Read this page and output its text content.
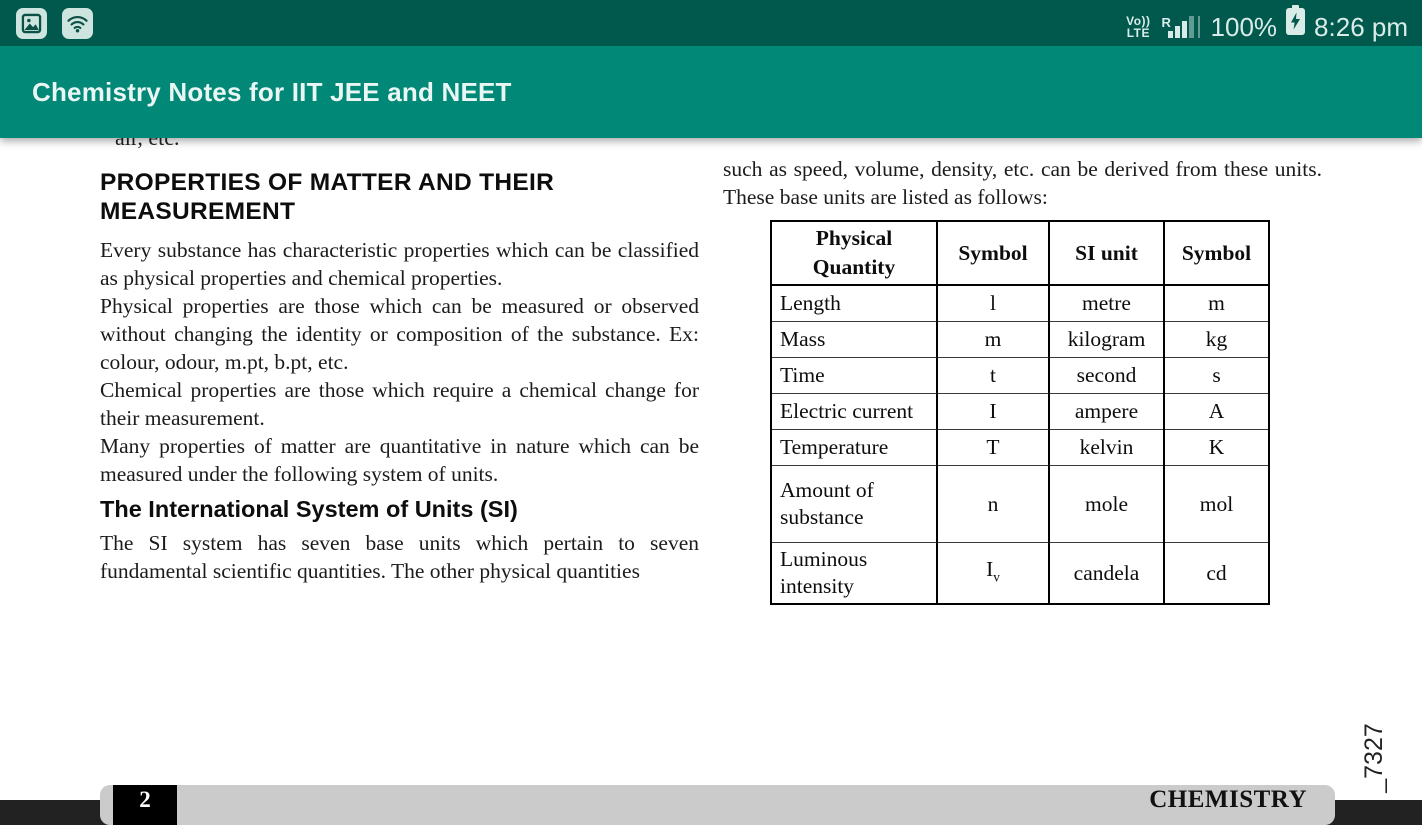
Vo))
LTE
R 100% 8:26 pm
Chemistry Notes for IIT JEE and NEET
PROPERTIES OF MATTER AND THEIR MEASUREMENT

Every substance has characteristic properties which can be classified as physical properties and chemical properties.

Physical properties are those which can be measured or observed without changing the identity or composition of the substance. Ex: colour, odour, m.pt, b.pt, etc.

Chemical properties are those which require a chemical change for their measurement.

Many properties of matter are quantitative in nature which can be measured under the following system of units.

The International System of Units (SI)

The SI system has seven base units which pertain to seven fundamental scientific quantities. The other physical quantities

such as speed, volume, density, etc. can be derived from these units. These base units are listed as follows:

Physical Quantity	Symbol	SI unit	Symbol
Length	l	metre	m
Mass	m	kilogram	kg
Time	t	second	s
Electric current	I	ampere	A
Temperature	T	kelvin	K
Amount of substance	n	mole	mol
Luminous intensity	$I_v$	candela	cd
2	CHEMISTRY
_7327
